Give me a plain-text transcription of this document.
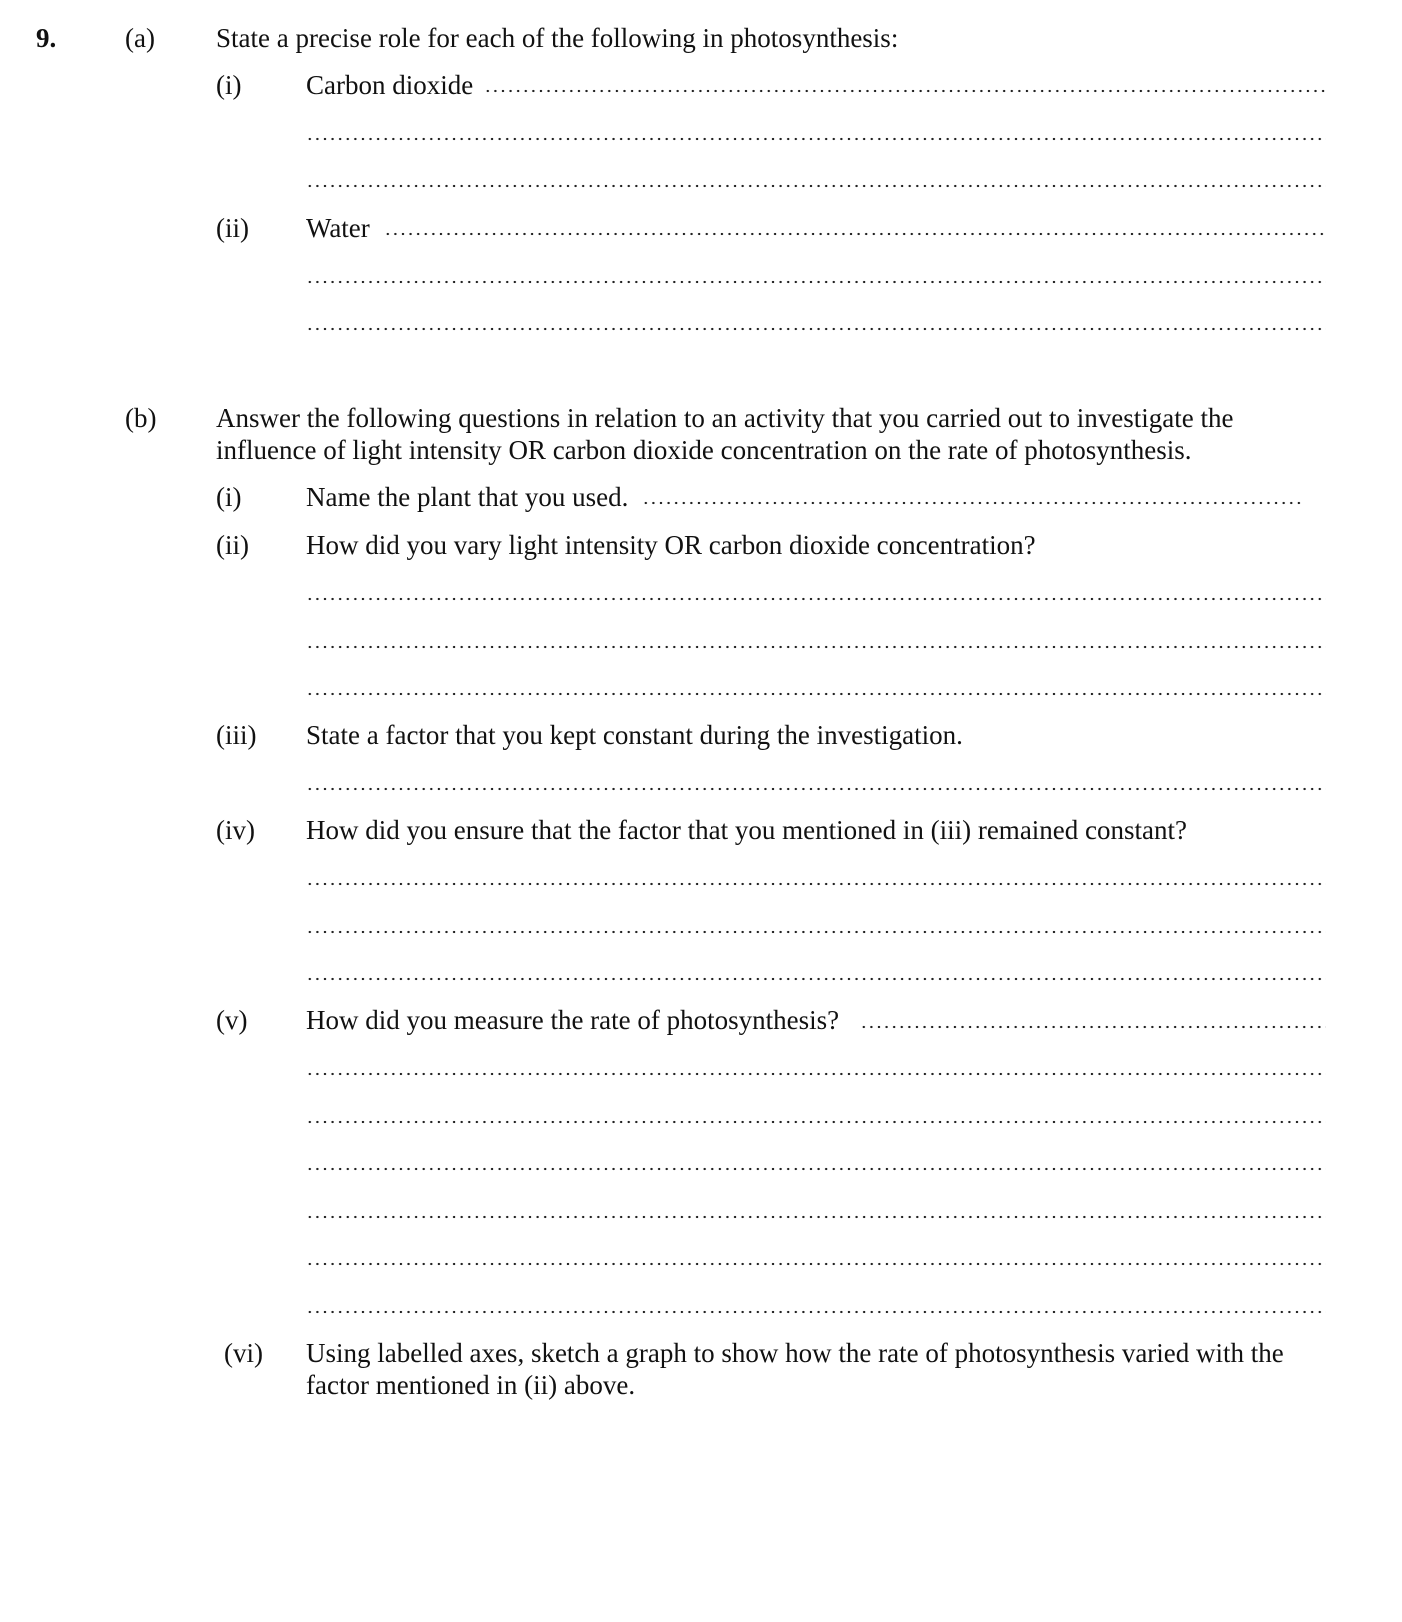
9.	(a) State a precise role for each of the following in photosynthesis:
(i) Carbon dioxide
(ii) Water
(b) Answer the following questions in relation to an activity that you carried out to investigate the
influence of light intensity OR carbon dioxide concentration on the rate of photosynthesis.
(i) Name the plant that you used.
(ii) How did you vary light intensity OR carbon dioxide concentration?
(iii) State a factor that you kept constant during the investigation.
(iv) How did you ensure that the factor that you mentioned in (iii) remained constant?
(v) How did you measure the rate of photosynthesis?
(vi) Using labelled axes, sketch a graph to show how the rate of photosynthesis varied with the
factor mentioned in (ii) above.
